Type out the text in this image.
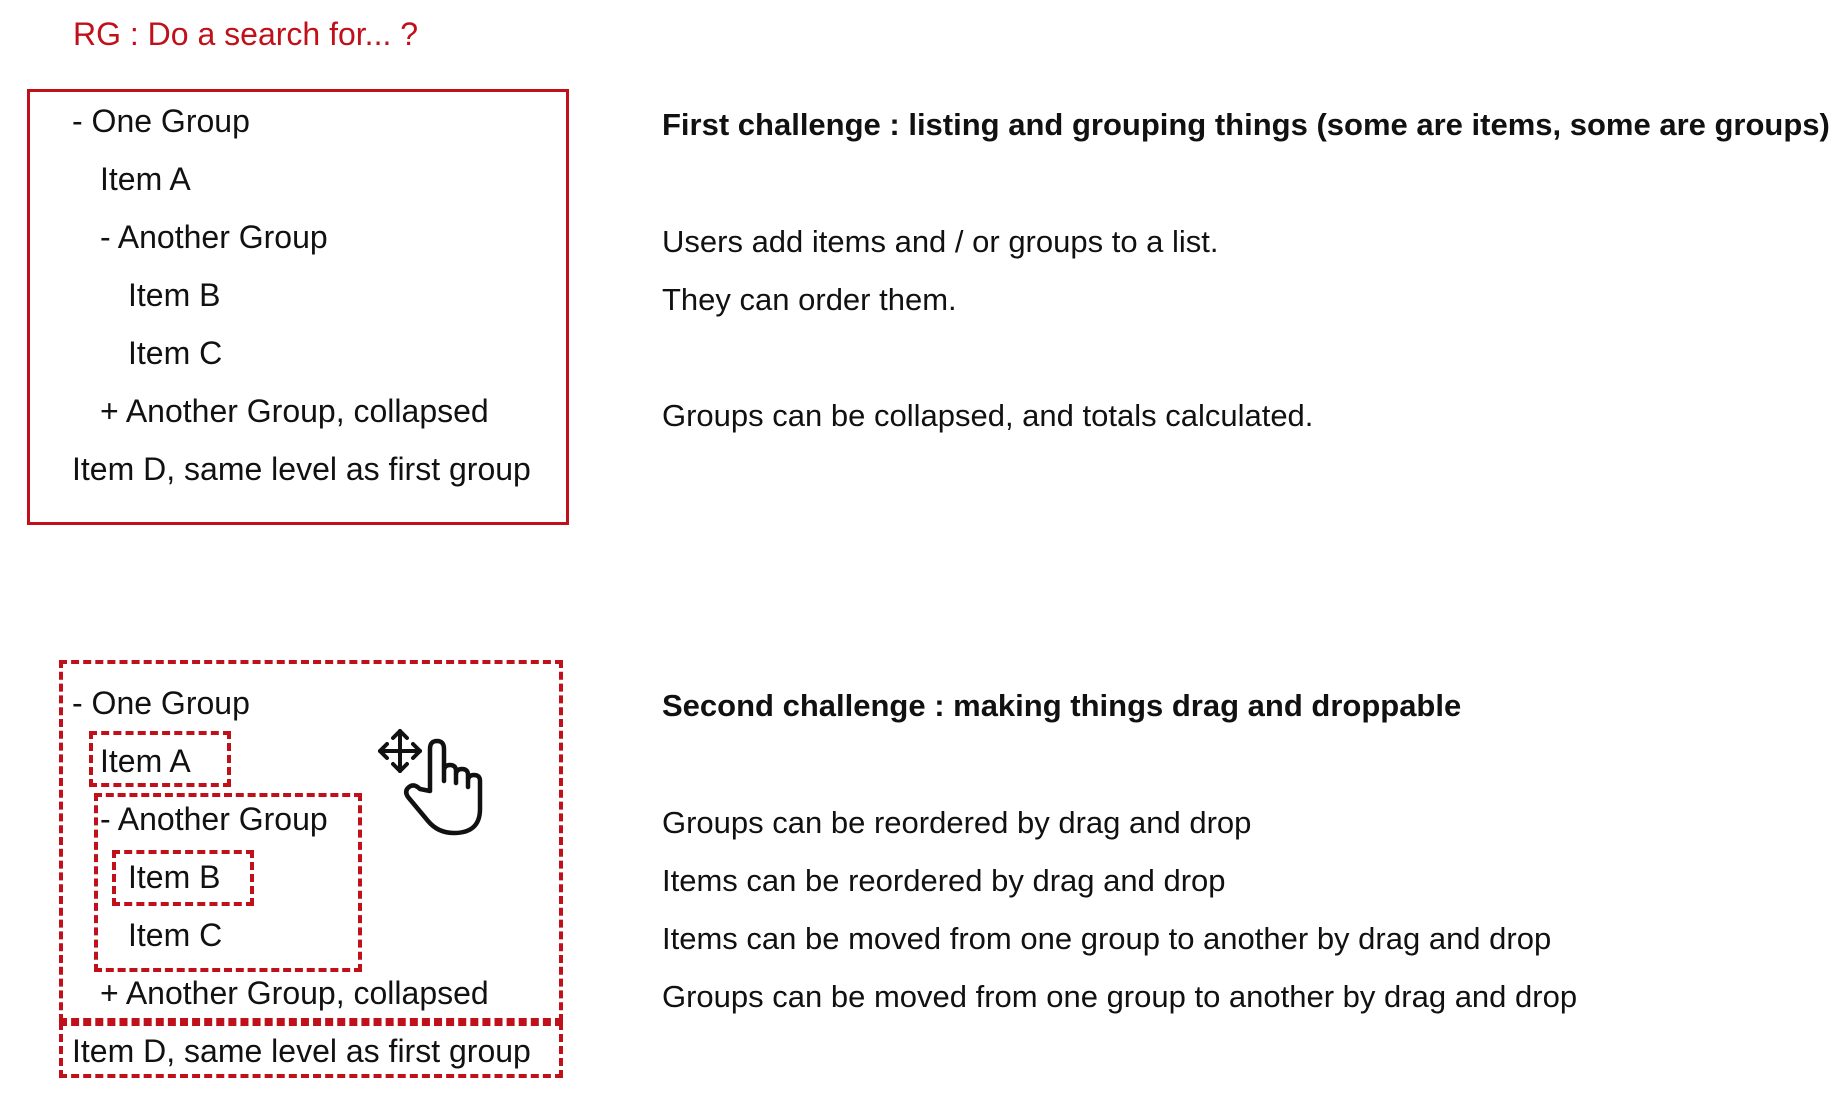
RG : Do a search for... ?
- One Group
Item A
- Another Group
Item B
Item C
+ Another Group, collapsed
Item D, same level as first group
First challenge : listing and grouping things (some are items, some are groups)
Users add items and / or groups to a list.
They can order them.
Groups can be collapsed, and totals calculated.
- One Group
Item A
- Another Group
Item B
Item C
+ Another Group, collapsed
Item D, same level as first group
Second challenge : making things drag and droppable
Groups can be reordered by drag and drop
Items can be reordered by drag and drop
Items can be moved from one group to another by drag and drop
Groups can be moved from one group to another by drag and drop
